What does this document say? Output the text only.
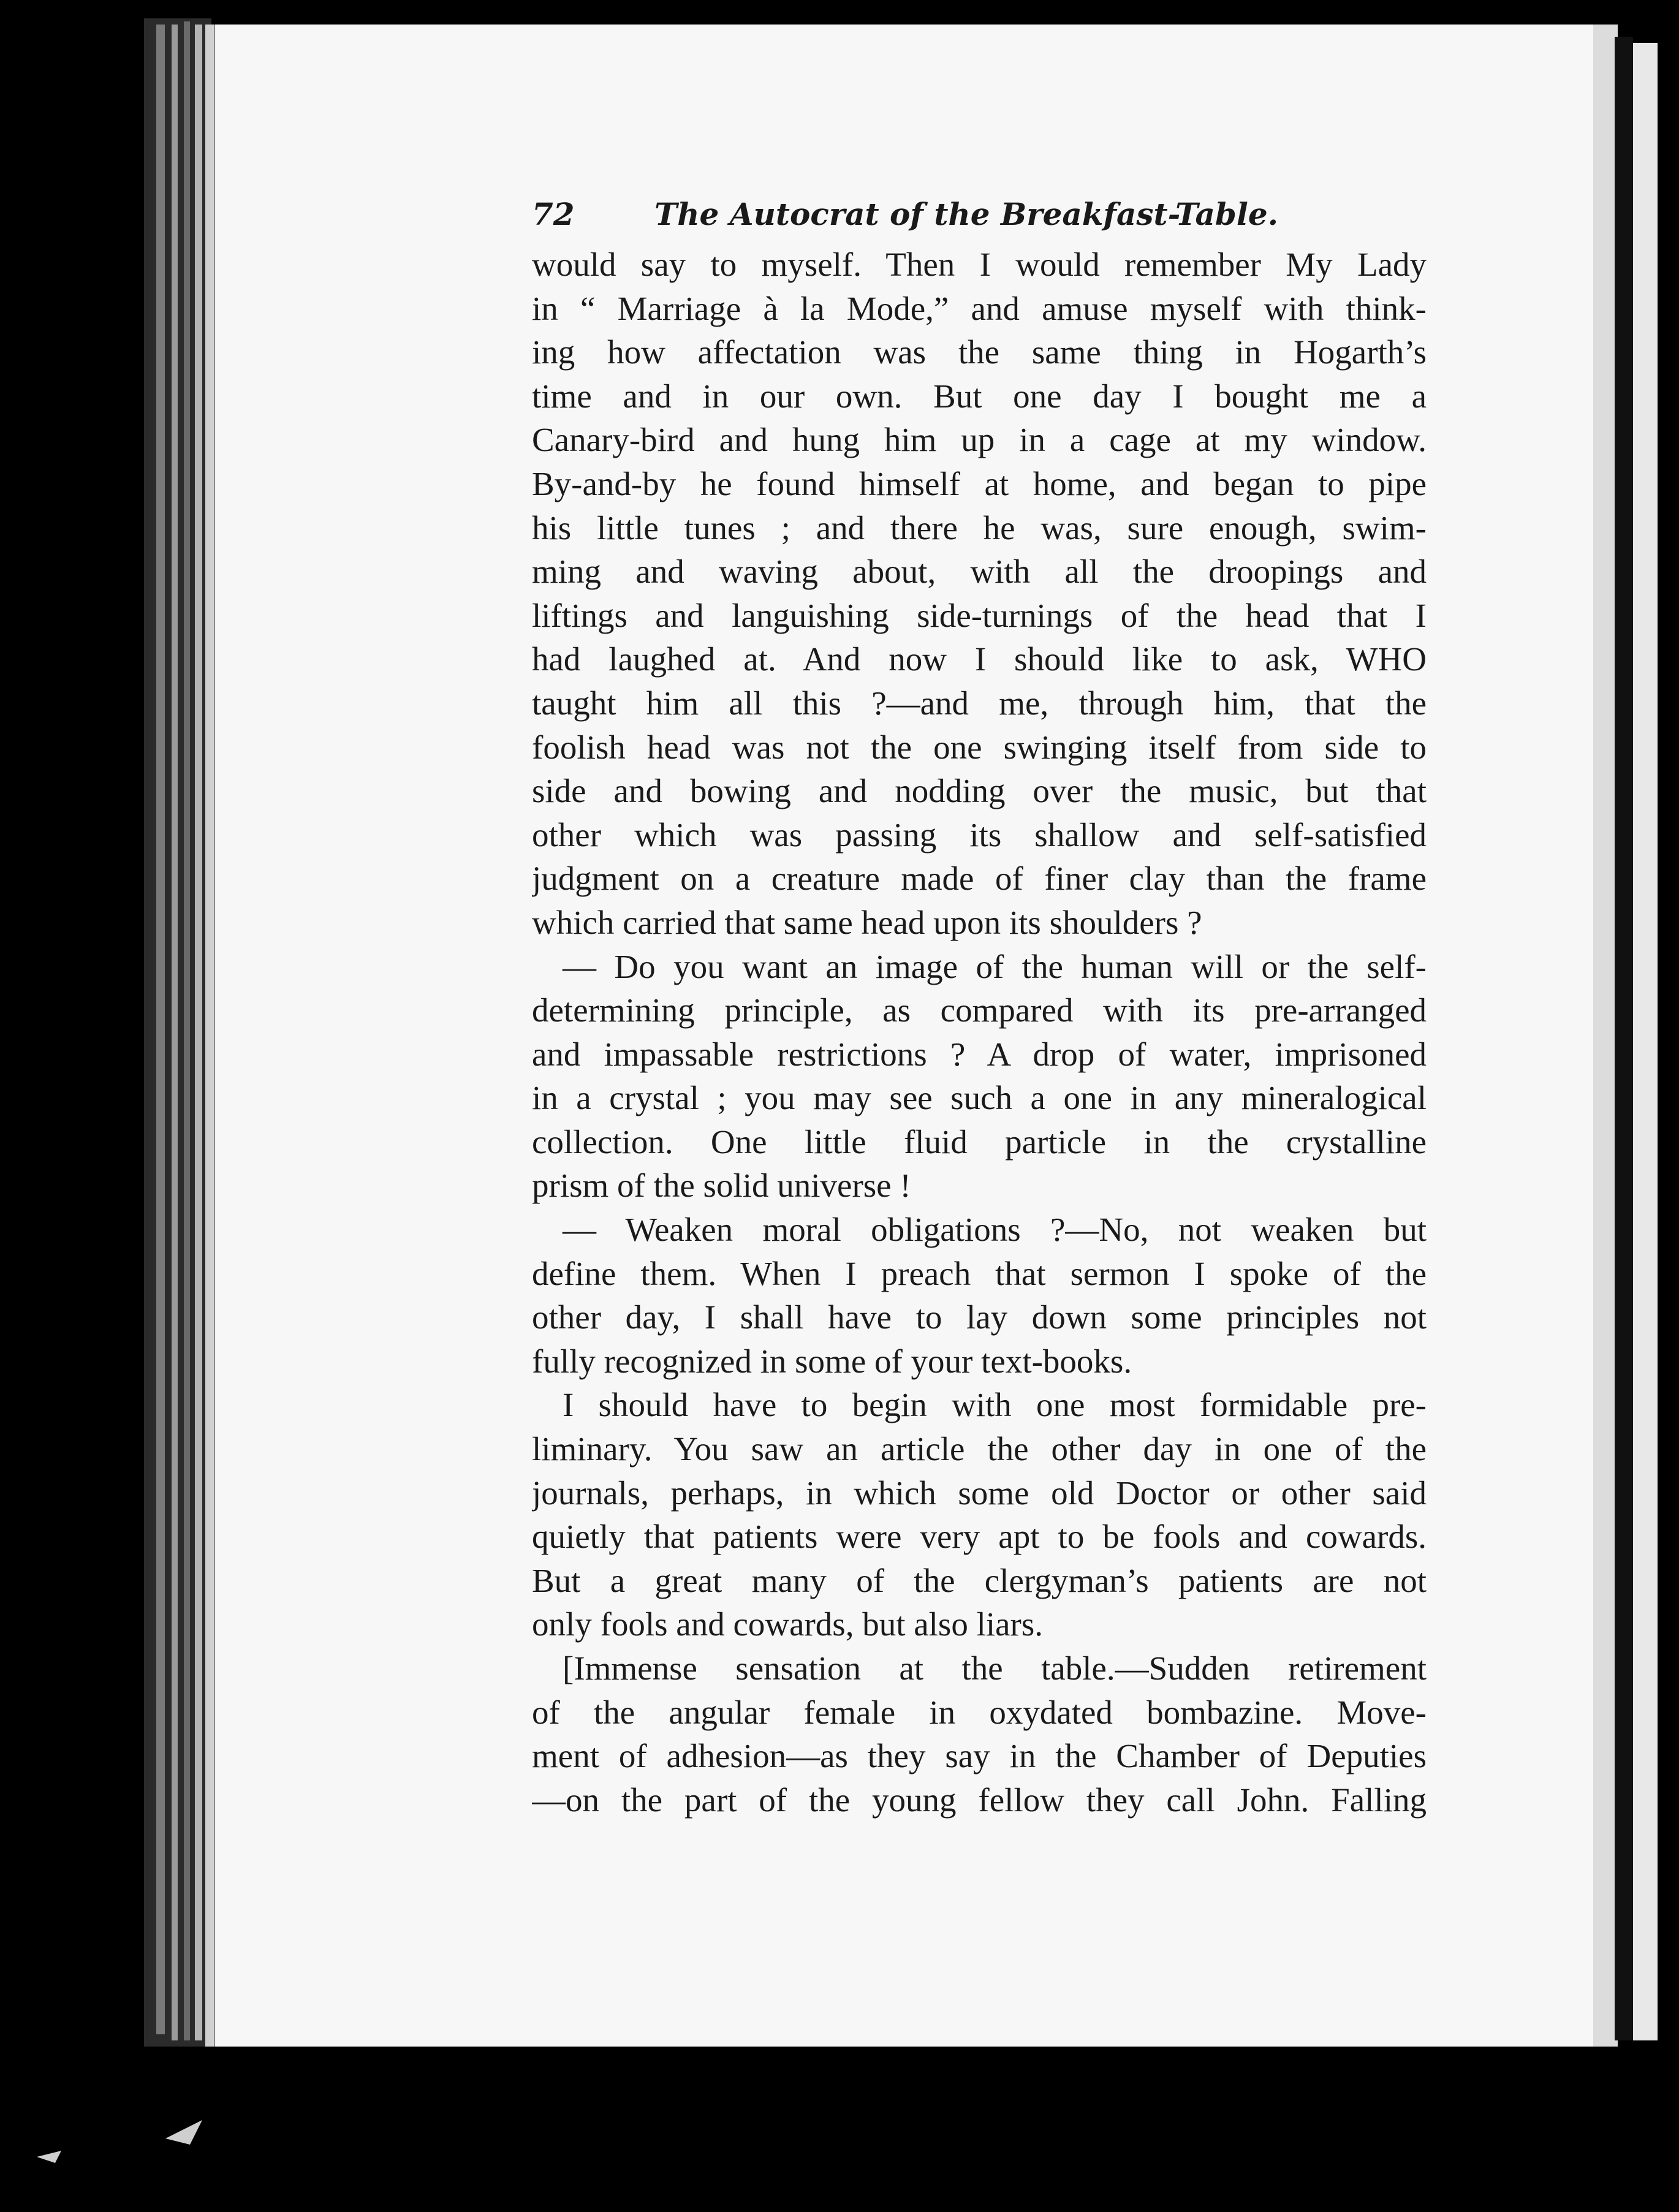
72	The Autocrat of the Breakfast-Table.
would say to myself. Then I would remember My Lady
in “ Marriage à la Mode,” and amuse myself with think-
ing how affectation was the same thing in Hogarth’s
time and in our own. But one day I bought me a
Canary-bird and hung him up in a cage at my window.
By-and-by he found himself at home, and began to pipe
his little tunes ; and there he was, sure enough, swim-
ming and waving about, with all the droopings and
liftings and languishing side-turnings of the head that I
had laughed at. And now I should like to ask, WHO
taught him all this ?—and me, through him, that the
foolish head was not the one swinging itself from side to
side and bowing and nodding over the music, but that
other which was passing its shallow and self-satisfied
judgment on a creature made of finer clay than the frame
which carried that same head upon its shoulders ?
— Do you want an image of the human will or the self-
determining principle, as compared with its pre-arranged
and impassable restrictions ? A drop of water, imprisoned
in a crystal ; you may see such a one in any mineralogical
collection. One little fluid particle in the crystalline
prism of the solid universe !
— Weaken moral obligations ?—No, not weaken but
define them. When I preach that sermon I spoke of the
other day, I shall have to lay down some principles not
fully recognized in some of your text-books.
I should have to begin with one most formidable pre-
liminary. You saw an article the other day in one of the
journals, perhaps, in which some old Doctor or other said
quietly that patients were very apt to be fools and cowards.
But a great many of the clergyman’s patients are not
only fools and cowards, but also liars.
[Immense sensation at the table.—Sudden retirement
of the angular female in oxydated bombazine. Move-
ment of adhesion—as they say in the Chamber of Deputies
—on the part of the young fellow they call John. Falling
